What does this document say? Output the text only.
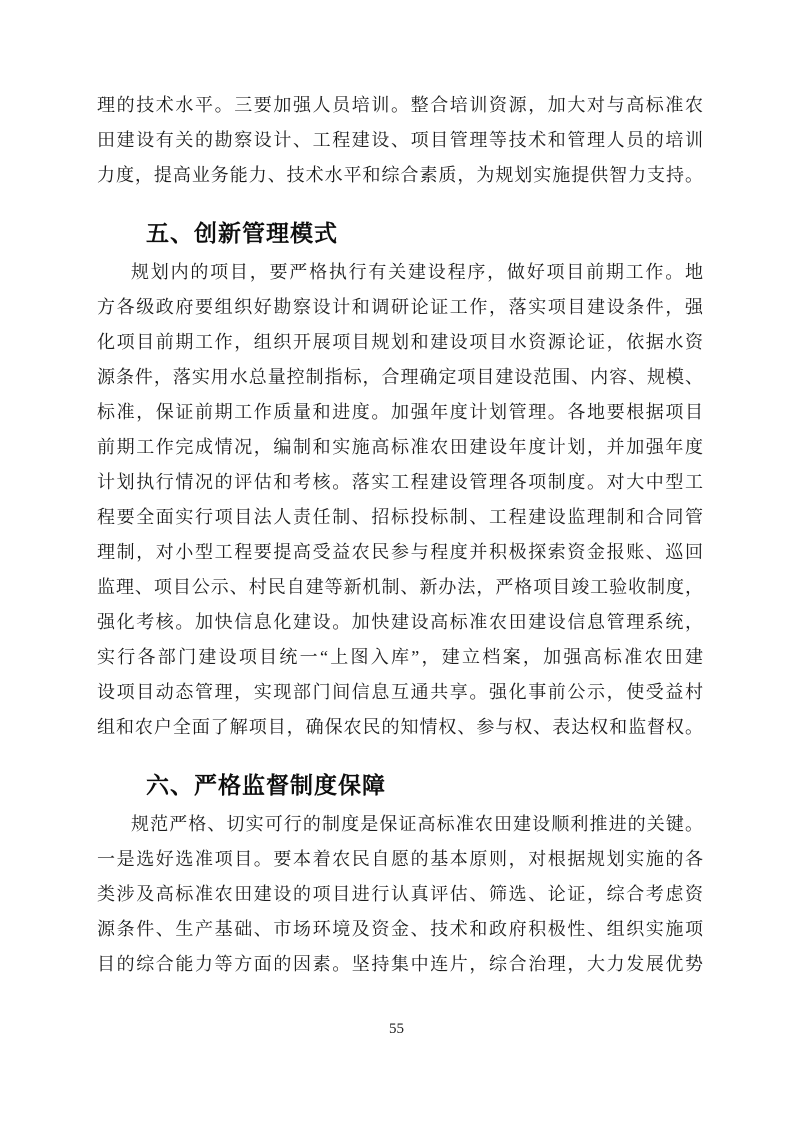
理的技术水平。三要加强人员培训。整合培训资源，加大对与高标准农
田建设有关的勘察设计、工程建设、项目管理等技术和管理人员的培训
力度，提高业务能力、技术水平和综合素质，为规划实施提供智力支持。
五、创新管理模式
规划内的项目，要严格执行有关建设程序，做好项目前期工作。地
方各级政府要组织好勘察设计和调研论证工作，落实项目建设条件，强
化项目前期工作，组织开展项目规划和建设项目水资源论证，依据水资
源条件，落实用水总量控制指标，合理确定项目建设范围、内容、规模、
标准，保证前期工作质量和进度。加强年度计划管理。各地要根据项目
前期工作完成情况，编制和实施高标准农田建设年度计划，并加强年度
计划执行情况的评估和考核。落实工程建设管理各项制度。对大中型工
程要全面实行项目法人责任制、招标投标制、工程建设监理制和合同管
理制，对小型工程要提高受益农民参与程度并积极探索资金报账、巡回
监理、项目公示、村民自建等新机制、新办法，严格项目竣工验收制度，
强化考核。加快信息化建设。加快建设高标准农田建设信息管理系统，
实行各部门建设项目统一“上图入库”，建立档案，加强高标准农田建
设项目动态管理，实现部门间信息互通共享。强化事前公示，使受益村
组和农户全面了解项目，确保农民的知情权、参与权、表达权和监督权。
六、严格监督制度保障
规范严格、切实可行的制度是保证高标准农田建设顺利推进的关键。
一是选好选准项目。要本着农民自愿的基本原则，对根据规划实施的各
类涉及高标准农田建设的项目进行认真评估、筛选、论证，综合考虑资
源条件、生产基础、市场环境及资金、技术和政府积极性、组织实施项
目的综合能力等方面的因素。坚持集中连片，综合治理，大力发展优势
55
